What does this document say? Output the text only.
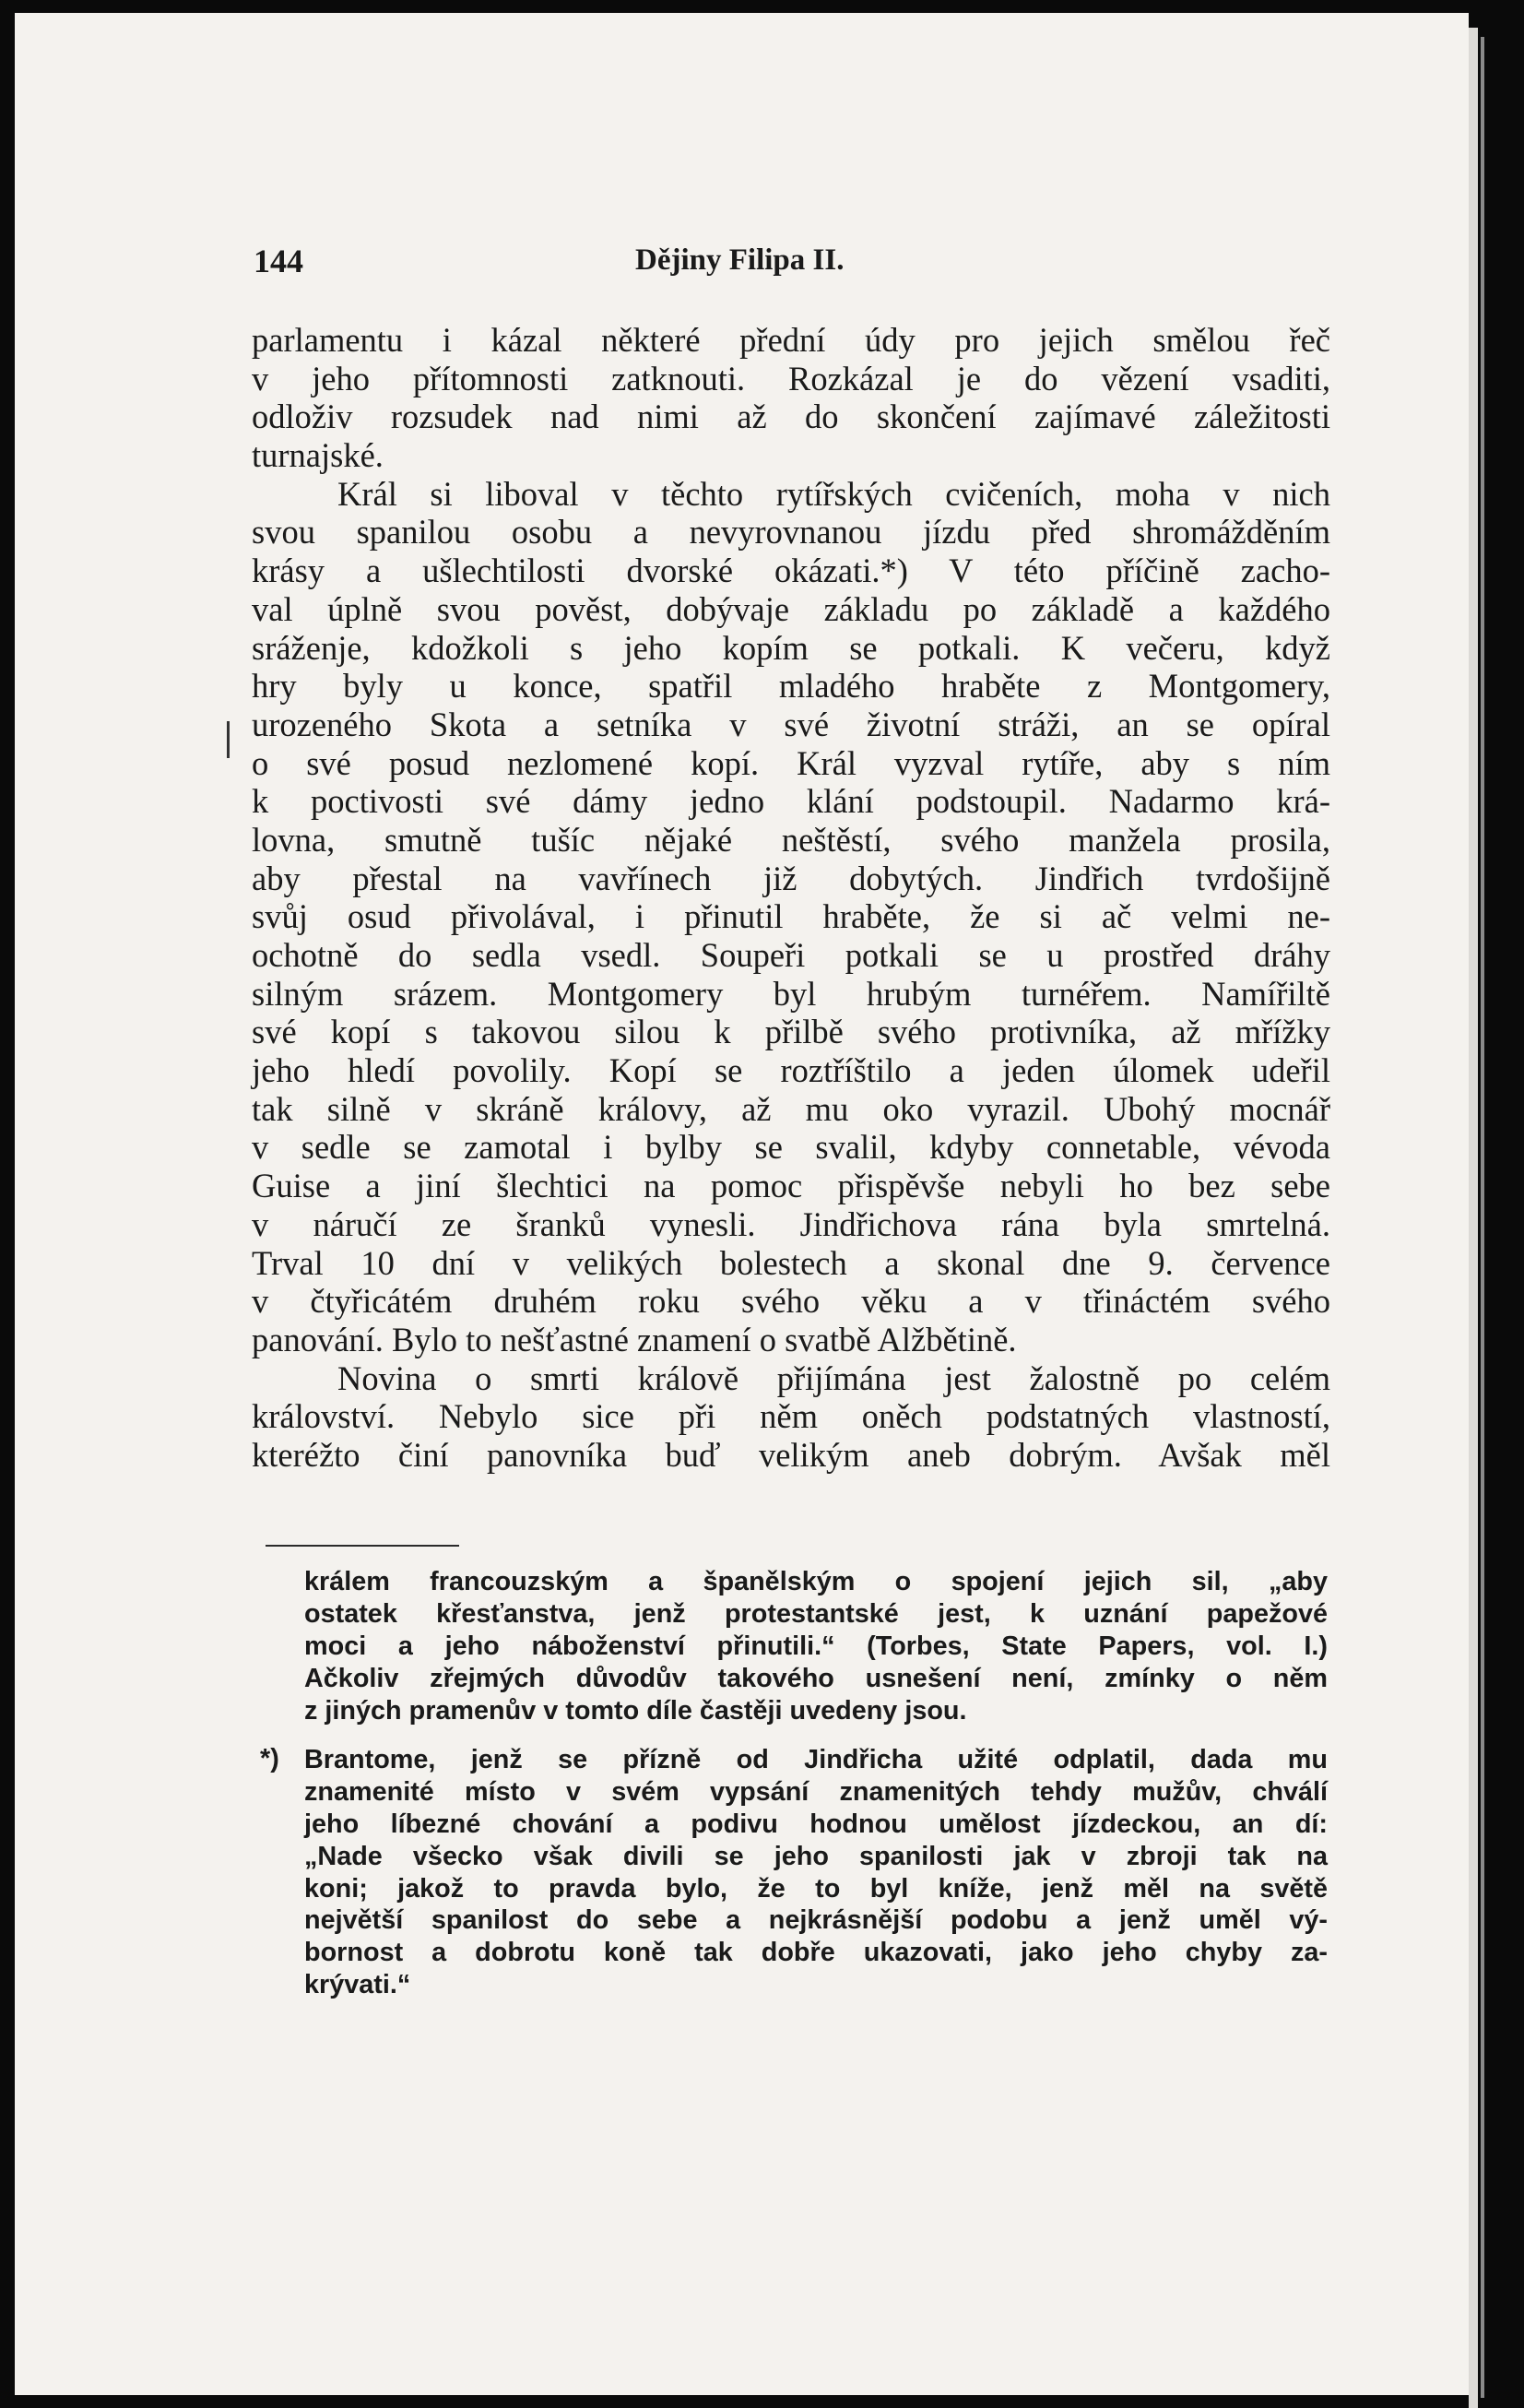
144	Dějiny Filipa II.
parlamentu i kázal některé přední údy pro jejich smělou řeč
v jeho přítomnosti zatknouti. Rozkázal je do vězení vsaditi,
odloživ rozsudek nad nimi až do skončení zajímavé záležitosti
turnajské.
Král si liboval v těchto rytířských cvičeních, moha v nich
svou spanilou osobu a nevyrovnanou jízdu před shromážděním
krásy a ušlechtilosti dvorské okázati.*) V této příčině zacho-
val úplně svou pověst, dobývaje základu po základě a každého
sráženje, kdožkoli s jeho kopím se potkali. K večeru, když
hry byly u konce, spatřil mladého hraběte z Montgomery,
urozeného Skota a setníka v své životní stráži, an se opíral
o své posud nezlomené kopí. Král vyzval rytíře, aby s ním
k poctivosti své dámy jedno klání podstoupil. Nadarmo krá-
lovna, smutně tušíc nějaké neštěstí, svého manžela prosila,
aby přestal na vavřínech již dobytých. Jindřich tvrdošijně
svůj osud přivolával, i přinutil hraběte, že si ač velmi ne-
ochotně do sedla vsedl. Soupeři potkali se u prostřed dráhy
silným srázem. Montgomery byl hrubým turnéřem. Namířiltě
své kopí s takovou silou k přilbě svého protivníka, až mřížky
jeho hledí povolily. Kopí se roztříštilo a jeden úlomek udeřil
tak silně v skráně královy, až mu oko vyrazil. Ubohý mocnář
v sedle se zamotal i bylby se svalil, kdyby connetable, vévoda
Guise a jiní šlechtici na pomoc přispěvše nebyli ho bez sebe
v náručí ze šranků vynesli. Jindřichova rána byla smrtelná.
Trval 10 dní v velikých bolestech a skonal dne 9. července
v čtyřicátém druhém roku svého věku a v třináctém svého
panování. Bylo to nešťastné znamení o svatbě Alžbětině.
Novina o smrti královĕ přijímána jest žalostně po celém
království. Nebylo sice při něm oněch podstatných vlastností,
kteréžto činí panovníka buď velikým aneb dobrým. Avšak měl
králem francouzským a španělským o spojení jejich sil, „aby
ostatek křesťanstva, jenž protestantské jest, k uznání papežové
moci a jeho náboženství přinutili.“ (Torbes, State Papers, vol. I.)
Ačkoliv zřejmých důvodův takového usnešení není, zmínky o něm
z jiných pramenův v tomto díle častěji uvedeny jsou.
*) Brantome, jenž se přízně od Jindřicha užité odplatil, dada mu
znamenité místo v svém vypsání znamenitých tehdy mužův, chválí
jeho líbezné chování a podivu hodnou umělost jízdeckou, an dí:
„Nade všecko však divili se jeho spanilosti jak v zbroji tak na
koni; jakož to pravda bylo, že to byl kníže, jenž měl na světě
největší spanilost do sebe a nejkrásnější podobu a jenž uměl vý-
bornost a dobrotu koně tak dobře ukazovati, jako jeho chyby za-
krývati.“
